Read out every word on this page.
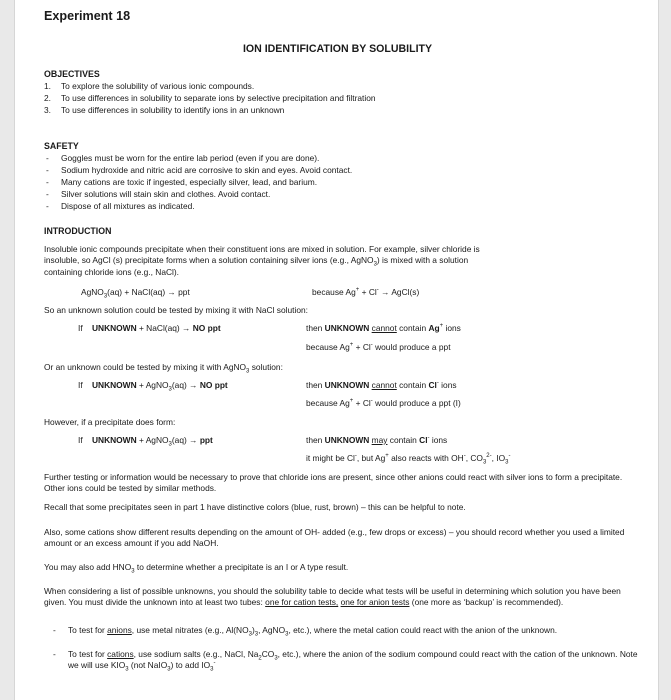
Experiment 18
ION IDENTIFICATION BY SOLUBILITY
OBJECTIVES
1. To explore the solubility of various ionic compounds.
2. To use differences in solubility to separate ions by selective precipitation and filtration
3. To use differences in solubility to identify ions in an unknown
SAFETY
- Goggles must be worn for the entire lab period (even if you are done).
- Sodium hydroxide and nitric acid are corrosive to skin and eyes. Avoid contact.
- Many cations are toxic if ingested, especially silver, lead, and barium.
- Silver solutions will stain skin and clothes. Avoid contact.
- Dispose of all mixtures as indicated.
INTRODUCTION
Insoluble ionic compounds precipitate when their constituent ions are mixed in solution. For example, silver chloride is
insoluble, so AgCl (s) precipitate forms when a solution containing silver ions (e.g., AgNO$_3$) is mixed with a solution
containing chloride ions (e.g., NaCl).
AgNO$_3$(aq) + NaCl(aq) → ppt	because Ag+ + Cl- → AgCl(s)
So an unknown solution could be tested by mixing it with NaCl solution:
If UNKNOWN + NaCl(aq) → NO ppt	then UNKNOWN cannot contain Ag+ ions
because Ag+ + Cl- would produce a ppt
Or an unknown could be tested by mixing it with AgNO$_3$ solution:
If UNKNOWN + AgNO$_3$(aq) → NO ppt	then UNKNOWN cannot contain Cl- ions
because Ag+ + Cl- would produce a ppt (I)
However, if a precipitate does form:
If UNKNOWN + AgNO$_3$(aq) → ppt	then UNKNOWN may contain Cl- ions
it might be Cl-, but Ag+ also reacts with OH-, $CO_3^{2-}$, $IO_3^-$
Further testing or information would be necessary to prove that chloride ions are present, since other anions could react with silver ions to form a precipitate. Other ions could be tested by similar methods.
Recall that some precipitates seen in part 1 have distinctive colors (blue, rust, brown) – this can be helpful to note.
Also, some cations show different results depending on the amount of OH- added (e.g., few drops or excess) – you should record whether you used a limited amount or an excess amount if you add NaOH.
You may also add $HNO_3$ to determine whether a precipitate is an I or A type result.
When considering a list of possible unknowns, you should the solubility table to decide what tests will be useful in determining which solution you have been given. You must divide the unknown into at least two tubes: one for cation tests, one for anion tests (one more as ‘backup’ is recommended).
- To test for anions, use metal nitrates (e.g., $Al(NO_3)_3$, AgNO$_3$, etc.), where the metal cation could react with the anion of the unknown.
- To test for cations, use sodium salts (e.g., NaCl, $Na_2CO_3$, etc.), where the anion of the sodium compound could react with the cation of the unknown. Note we will use $KIO_3$ (not NaIO$_3$) to add $IO_3^-$
